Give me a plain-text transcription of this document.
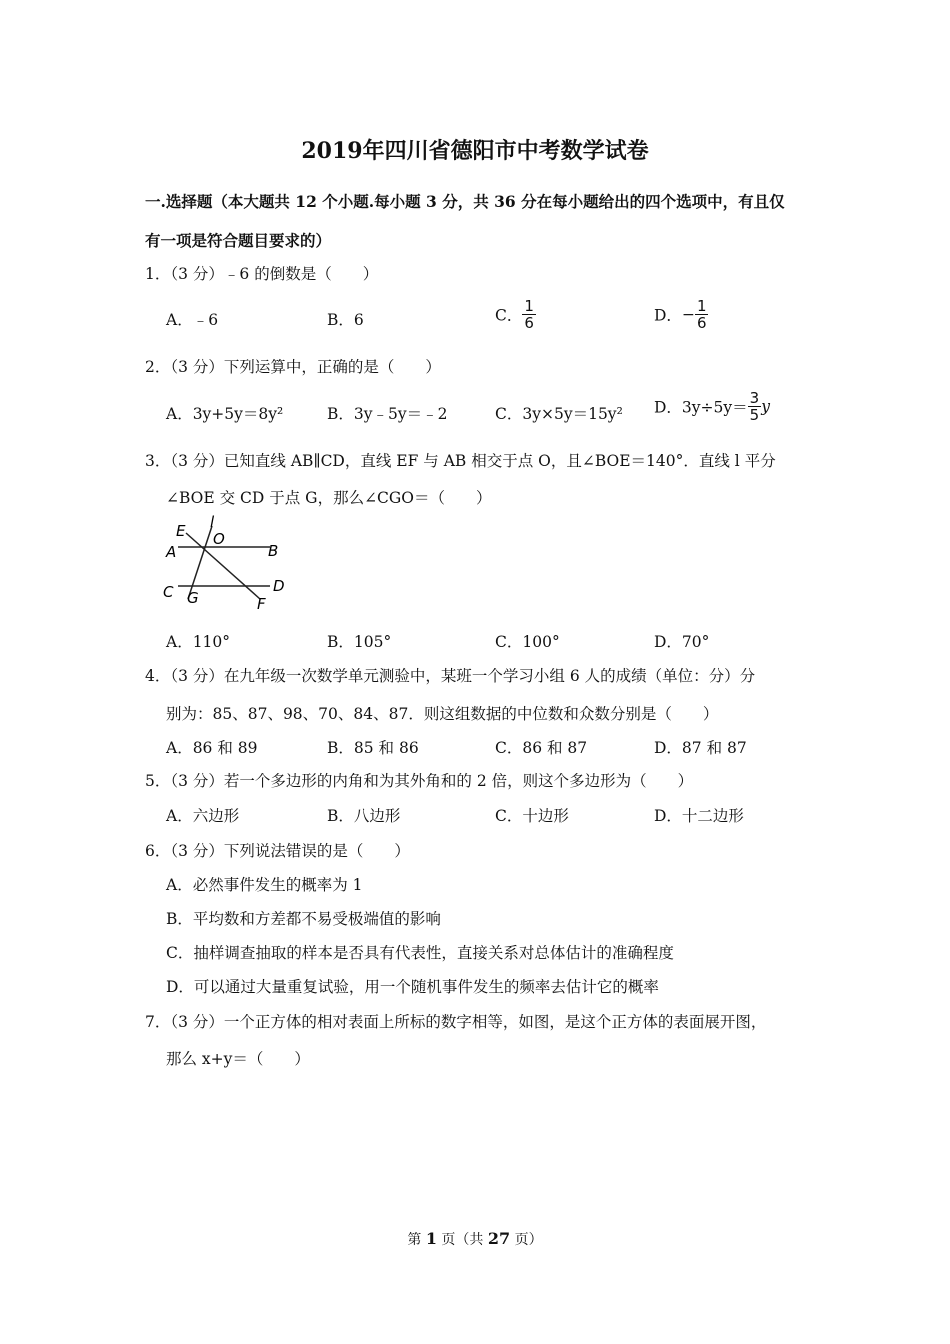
2019年四川省德阳市中考数学试卷
一.选择题（本大题共 12 个小题.每小题 3 分，共 36 分在每小题给出的四个选项中，有且仅
有一项是符合题目要求的）
1．（3 分）﹣6 的倒数是（　　）
A．﹣6	B．6	C． $\frac{1}{6}$	D．− $\frac{1}{6}$
2．（3 分）下列运算中，正确的是（　　）
A．3y+5y＝8y²	B．3y﹣5y＝﹣2	C．3y×5y＝15y² D．$3y\div 5y= \frac{3}{5}$ y
3．（3 分）已知直线 AB∥CD，直线 EF 与 AB 相交于点 O，且∠BOE＝140°．直线 l 平分
∠BOE 交 CD 于点 G，那么∠CGO＝（　　）
E l
O
A	B
C G
D
F
A．110°	B．105°	C．100°	D．70°
4．（3 分）在九年级一次数学单元测验中，某班一个学习小组 6 人的成绩（单位：分）分
别为：85、87、98、70、84、87．则这组数据的中位数和众数分别是（　　）
A．86 和 89	B．85 和 86	C．86 和 87	D．87 和 87
5．（3 分）若一个多边形的内角和为其外角和的 2 倍，则这个多边形为（　　）
A．六边形	B．八边形	C．十边形	D．十二边形
6．（3 分）下列说法错误的是（　　）
A．必然事件发生的概率为 1
B．平均数和方差都不易受极端值的影响
C．抽样调查抽取的样本是否具有代表性，直接关系对总体估计的准确程度
D．可以通过大量重复试验，用一个随机事件发生的频率去估计它的概率
7．（3 分）一个正方体的相对表面上所标的数字相等，如图，是这个正方体的表面展开图，
那么 x+y＝（　　）
第 1 页（共 27 页）
